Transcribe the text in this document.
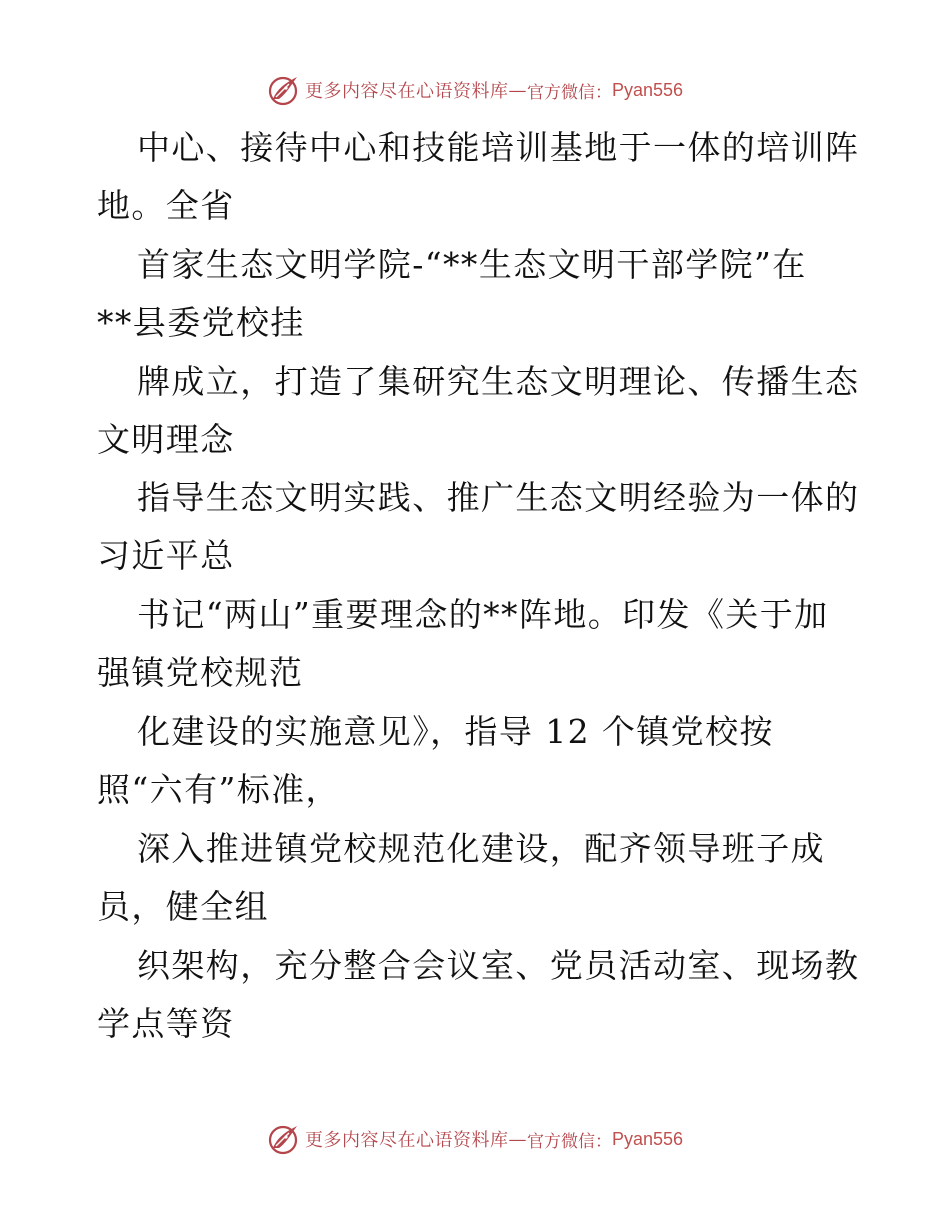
更多内容尽在心语资料库 — 官方微信： Pyan556
中心、接待中心和技能培训基地于一体的培训阵
地。全省
首家生态文明学院-“**生态文明干部学院”在
**县委党校挂
牌成立，打造了集研究生态文明理论、传播生态
文明理念
指导生态文明实践、推广生态文明经验为一体的
习近平总
书记“两山”重要理念的**阵地。印发《关于加
强镇党校规范
化建设的实施意见》，指导 12 个镇党校按
照“六有”标准，
深入推进镇党校规范化建设，配齐领导班子成
员，健全组
织架构，充分整合会议室、党员活动室、现场教
学点等资
更多内容尽在心语资料库 — 官方微信： Pyan556
